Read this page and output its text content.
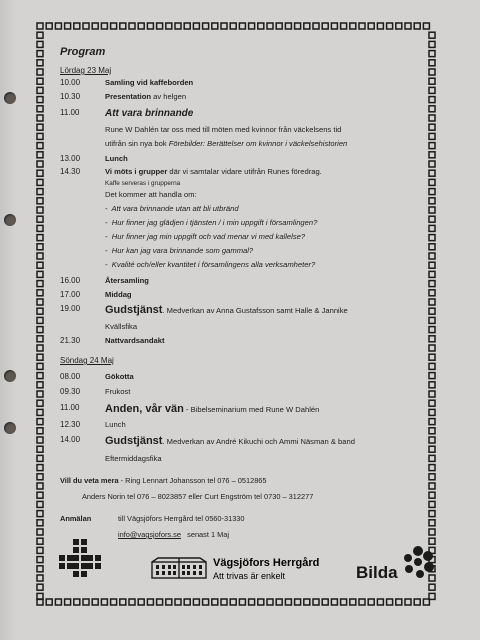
Program
Lördag 23 Maj
10.00	Samling vid kaffeborden
10.30	Presentation av helgen
11.00	Att vara brinnande
Rune W Dahlén tar oss med till möten med kvinnor från väckelsens tid
utifrån sin nya bok Förebilder: Berättelser om kvinnor i väckelsehistorien
13.00	Lunch
14.30	Vi möts i grupper där vi samtalar vidare utifrån Runes föredrag.
Kaffe serveras i grupperna
Det kommer att handla om:
-  Att vara brinnande utan att bli utbränd
-  Hur finner jag glädjen i tjänsten / i min uppgift i församlingen?
-  Hur finner jag min uppgift och vad menar vi med kallelse?
-  Hur kan jag vara brinnande som gammal?
-  Kvalité och/eller kvantitet i församlingens alla verksamheter?
16.00	Återsamling
17.00	Middag
19.00	Gudstjänst. Medverkan av Anna Gustafsson samt Halle & Jannike
Kvällsfika
21.30	Nattvardsandakt
Söndag 24 Maj
08.00	Gökotta
09.30	Frukost
11.00	Anden, vår vän - Bibelseminarium med Rune W Dahlén
12.30	Lunch
14.00	Gudstjänst. Medverkan av André Kikuchi och Ammi Näsman & band
Eftermiddagsfika
Vill du veta mera - Ring Lennart Johansson tel 076 – 0512865
Anders Norin tel 076 – 8023857 eller Curt Engström tel 0730 – 312277
Anmälan	till Vägsjöfors Herrgård tel 0560-31330
info@vagsjofors.se senast 1 Maj
Vägsjöfors Herrgård
Att trivas är enkelt	Bilda
